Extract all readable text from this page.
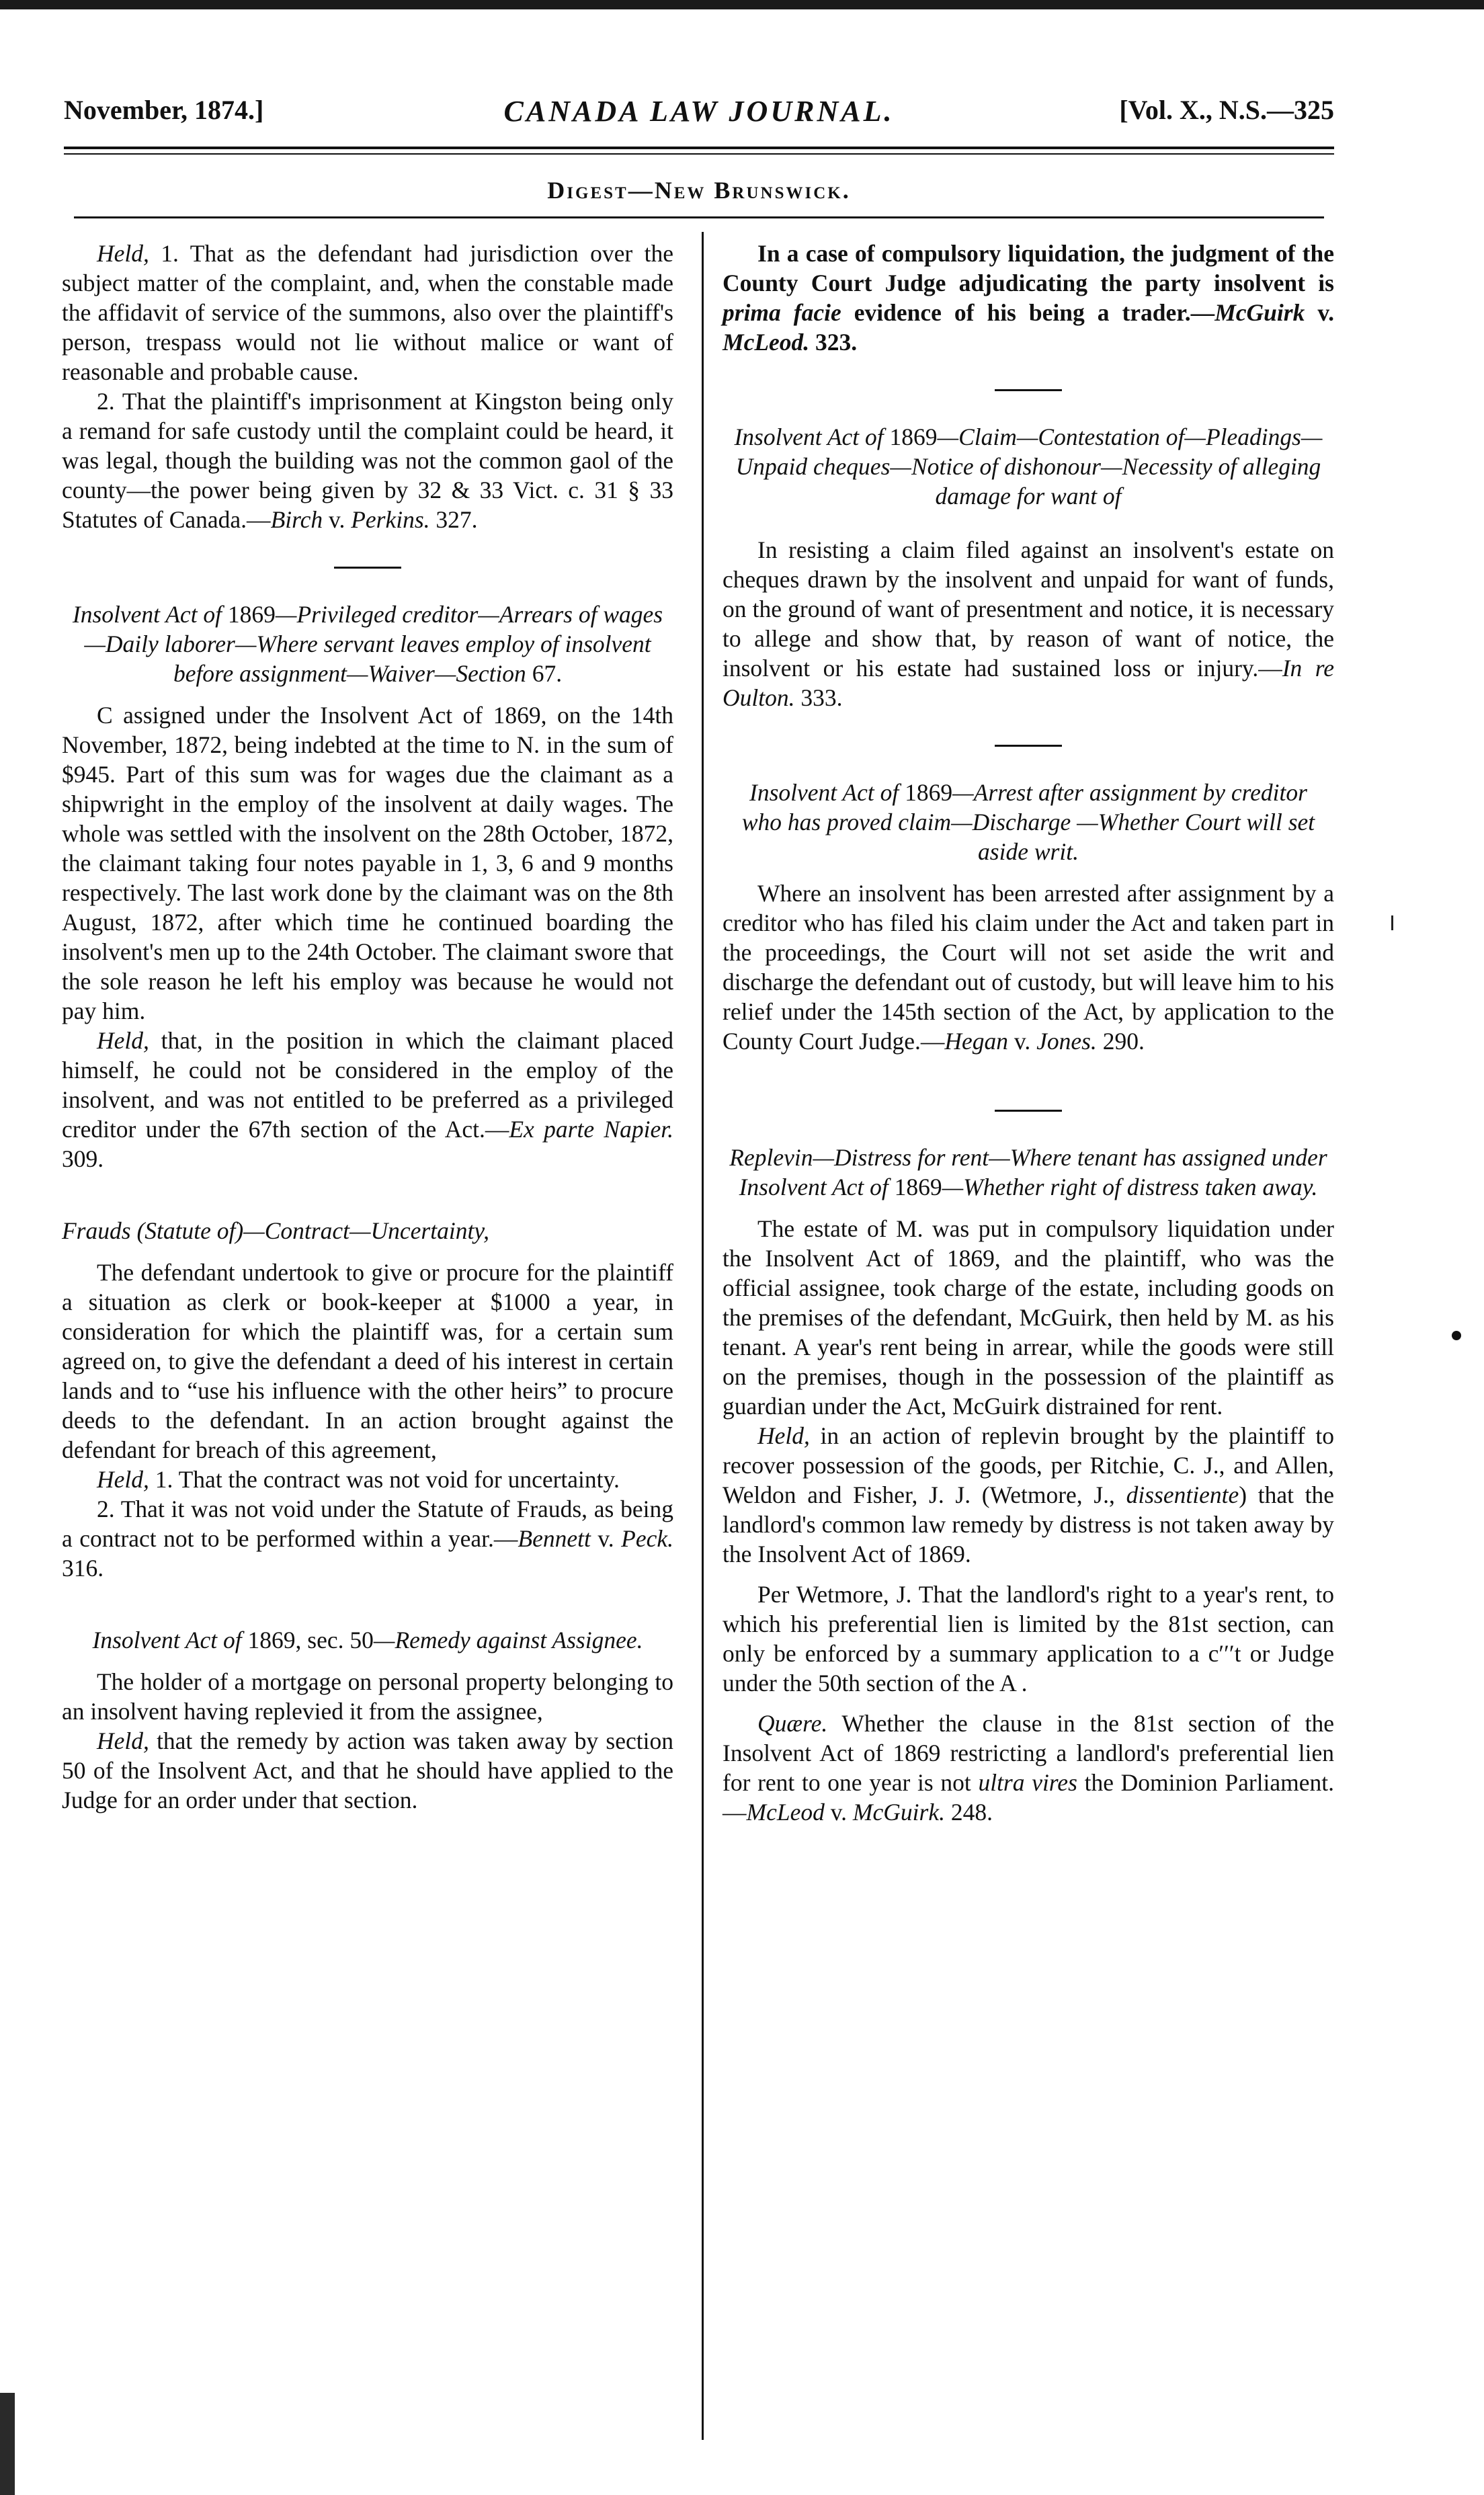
November, 1874.]	CANADA LAW JOURNAL.	[Vol. X., N.S.—325
Digest—New Brunswick.

Held, 1. That as the defendant had jurisdiction over the subject matter of the complaint, and, when the constable made the affidavit of service of the summons, also over the plaintiff's person, trespass would not lie without malice or want of reasonable and probable cause.

2. That the plaintiff's imprisonment at Kingston being only a remand for safe custody until the complaint could be heard, it was legal, though the building was not the common gaol of the county—the power being given by 32 & 33 Vict. c. 31 § 33 Statutes of Canada.—Birch v. Perkins. 327.

Insolvent Act of 1869—Privileged creditor—Arrears of wages—Daily laborer—Where servant leaves employ of insolvent before assignment—Waiver—Section 67.

C assigned under the Insolvent Act of 1869, on the 14th November, 1872, being indebted at the time to N. in the sum of $945. Part of this sum was for wages due the claimant as a shipwright in the employ of the insolvent at daily wages. The whole was settled with the insolvent on the 28th October, 1872, the claimant taking four notes payable in 1, 3, 6 and 9 months respectively. The last work done by the claimant was on the 8th August, 1872, after which time he continued boarding the insolvent's men up to the 24th October. The claimant swore that the sole reason he left his employ was because he would not pay him.

Held, that, in the position in which the claimant placed himself, he could not be considered in the employ of the insolvent, and was not entitled to be preferred as a privileged creditor under the 67th section of the Act.—Ex parte Napier. 309.

Frauds (Statute of)—Contract—Uncertainty,

The defendant undertook to give or procure for the plaintiff a situation as clerk or book-keeper at $1000 a year, in consideration for which the plaintiff was, for a certain sum agreed on, to give the defendant a deed of his interest in certain lands and to “use his influence with the other heirs” to procure deeds to the defendant. In an action brought against the defendant for breach of this agreement,

Held, 1. That the contract was not void for uncertainty.

2. That it was not void under the Statute of Frauds, as being a contract not to be performed within a year.—Bennett v. Peck. 316.

Insolvent Act of 1869, sec. 50—Remedy against Assignee.

The holder of a mortgage on personal property belonging to an insolvent having replevied it from the assignee,

Held, that the remedy by action was taken away by section 50 of the Insolvent Act, and that he should have applied to the Judge for an order under that section.

In a case of compulsory liquidation, the judgment of the County Court Judge adjudicating the party insolvent is prima facie evidence of his being a trader.—McGuirk v. McLeod. 323.

Insolvent Act of 1869—Claim—Contestation of—Pleadings—Unpaid cheques—Notice of dishonour—Necessity of alleging damage for want of

In resisting a claim filed against an insolvent's estate on cheques drawn by the insolvent and unpaid for want of funds, on the ground of want of presentment and notice, it is necessary to allege and show that, by reason of want of notice, the insolvent or his estate had sustained loss or injury.—In re Oulton. 333.

Insolvent Act of 1869—Arrest after assignment by creditor who has proved claim—Discharge —Whether Court will set aside writ.

Where an insolvent has been arrested after assignment by a creditor who has filed his claim under the Act and taken part in the proceedings, the Court will not set aside the writ and discharge the defendant out of custody, but will leave him to his relief under the 145th section of the Act, by application to the County Court Judge.—Hegan v. Jones. 290.

Replevin—Distress for rent—Where tenant has assigned under Insolvent Act of 1869—Whether right of distress taken away.

The estate of M. was put in compulsory liquidation under the Insolvent Act of 1869, and the plaintiff, who was the official assignee, took charge of the estate, including goods on the premises of the defendant, McGuirk, then held by M. as his tenant. A year's rent being in arrear, while the goods were still on the premises, though in the possession of the plaintiff as guardian under the Act, McGuirk distrained for rent.

Held, in an action of replevin brought by the plaintiff to recover possession of the goods, per Ritchie, C. J., and Allen, Weldon and Fisher, J. J. (Wetmore, J., dissentiente) that the landlord's common law remedy by distress is not taken away by the Insolvent Act of 1869.

Per Wetmore, J. That the landlord's right to a year's rent, to which his preferential lien is limited by the 81st section, can only be enforced by a summary application to a c′′′t or Judge under the 50th section of the A .

Quære. Whether the clause in the 81st section of the Insolvent Act of 1869 restricting a landlord's preferential lien for rent to one year is not ultra vires the Dominion Parliament.—McLeod v. McGuirk. 248.
